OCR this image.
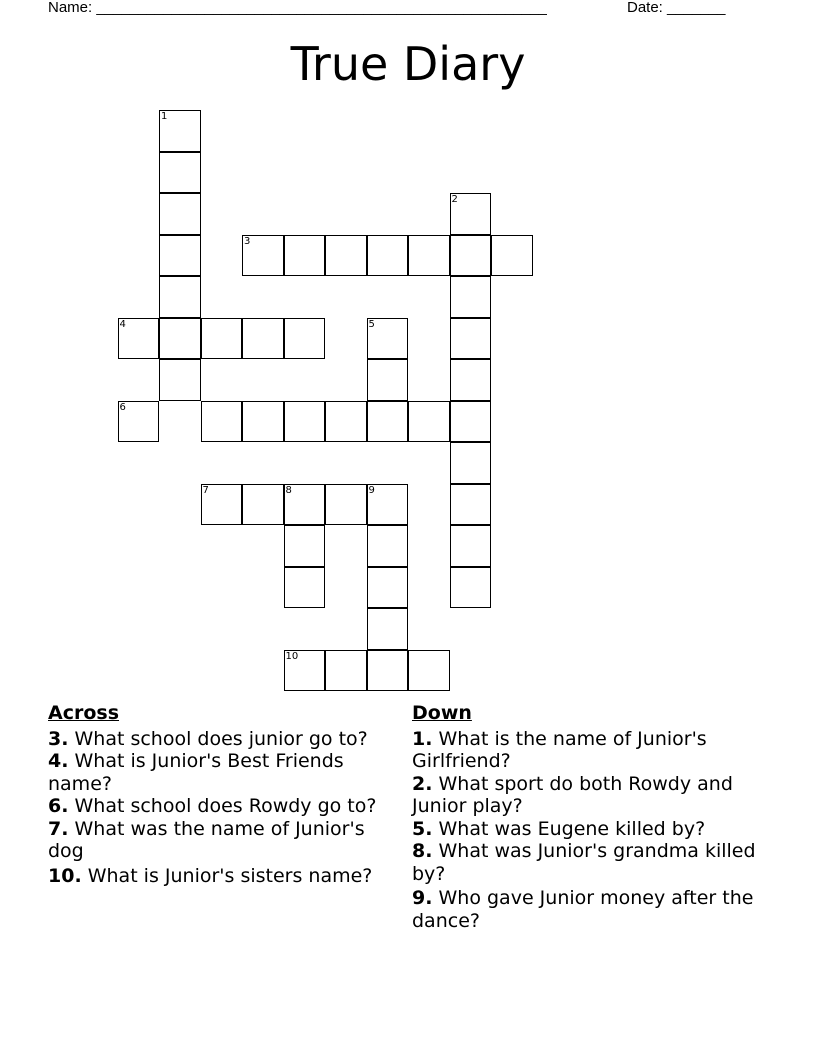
Name: ______________________________________________________	Date: _______
True Diary
1
2
3
4	5
6
7	8	9
10
Across

3. What school does junior go to?

4. What is Junior's Best Friends name?

6. What school does Rowdy go to?

7. What was the name of Junior's dog

10. What is Junior's sisters name?

Down

1. What is the name of Junior's Girlfriend?

2. What sport do both Rowdy and Junior play?

5. What was Eugene killed by?

8. What was Junior's grandma killed by?

9. Who gave Junior money after the dance?
